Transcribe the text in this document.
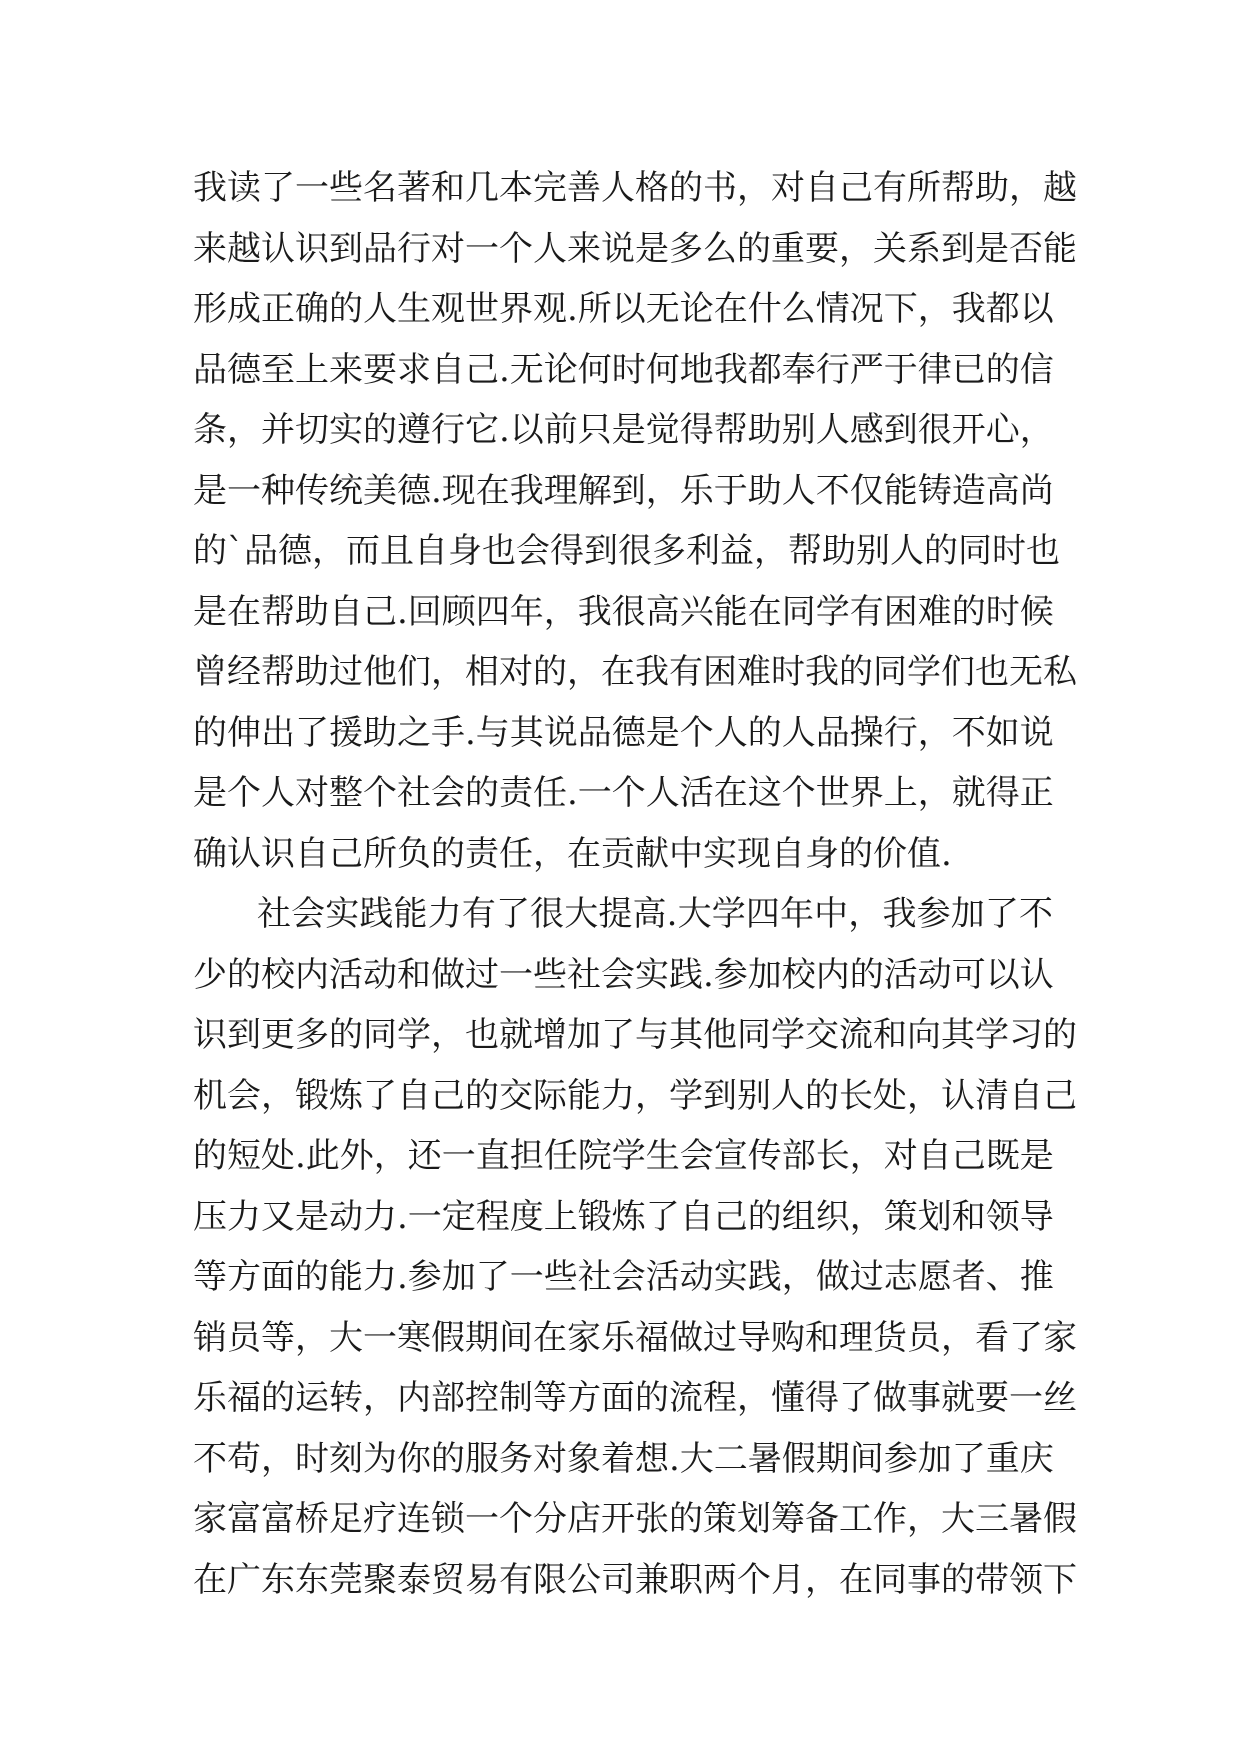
我读了一些名著和几本完善人格的书，对自己有所帮助，越
来越认识到品行对一个人来说是多么的重要，关系到是否能
形成正确的人生观世界观.所以无论在什么情况下，我都以
品德至上来要求自己.无论何时何地我都奉行严于律已的信
条，并切实的遵行它.以前只是觉得帮助别人感到很开心，
是一种传统美德.现在我理解到，乐于助人不仅能铸造高尚
的`品德，而且自身也会得到很多利益，帮助别人的同时也
是在帮助自己.回顾四年，我很高兴能在同学有困难的时候
曾经帮助过他们，相对的，在我有困难时我的同学们也无私
的伸出了援助之手.与其说品德是个人的人品操行，不如说
是个人对整个社会的责任.一个人活在这个世界上，就得正
确认识自己所负的责任，在贡献中实现自身的价值.
社会实践能力有了很大提高.大学四年中，我参加了不
少的校内活动和做过一些社会实践.参加校内的活动可以认
识到更多的同学，也就增加了与其他同学交流和向其学习的
机会，锻炼了自己的交际能力，学到别人的长处，认清自己
的短处.此外，还一直担任院学生会宣传部长，对自己既是
压力又是动力.一定程度上锻炼了自己的组织，策划和领导
等方面的能力.参加了一些社会活动实践，做过志愿者、推
销员等，大一寒假期间在家乐福做过导购和理货员，看了家
乐福的运转，内部控制等方面的流程，懂得了做事就要一丝
不苟，时刻为你的服务对象着想.大二暑假期间参加了重庆
家富富桥足疗连锁一个分店开张的策划筹备工作，大三暑假
在广东东莞聚泰贸易有限公司兼职两个月，在同事的带领下
